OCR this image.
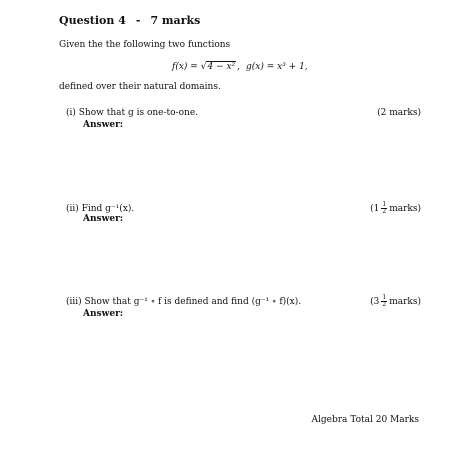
Question 4 - 7 marks
Given the the following two functions
f(x) = √4 − x² , g(x) = x³ + 1,
defined over their natural domains.
(i) Show that g is one-to-one.	(2 marks)
Answer:
(ii) Find g⁻¹(x).	($1 \frac{1}{2}$ marks)
Answer:
(iii) Show that g⁻¹ ∘ f is defined and find (g⁻¹ ∘ f)(x).	($3 \frac{1}{2}$ marks)
Answer:
Algebra Total 20 Marks
